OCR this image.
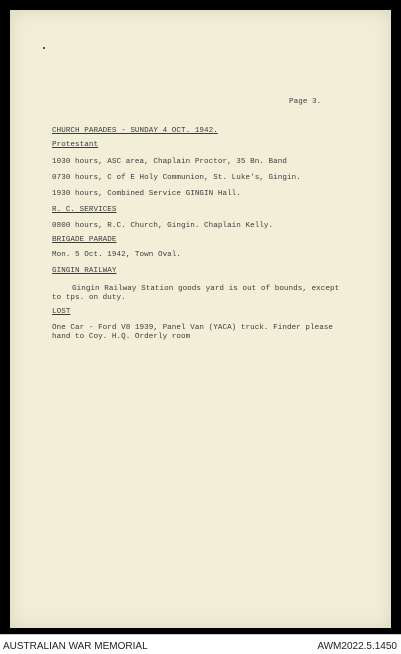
Page 3.
CHURCH PARADES - SUNDAY 4 OCT. 1942.
Protestant
1030 hours, ASC area, Chaplain Proctor, 35 Bn. Band
0730 hours, C of E Holy Communion, St. Luke's, Gingin.
1930 hours, Combined Service GINGIN Hall.
R. C. SERVICES
0800 hours, R.C. Church, Gingin. Chaplain Kelly.
BRIGADE PARADE
Mon. 5 Oct. 1942, Town Oval.
GINGIN RAILWAY
Gingin Railway Station goods yard is out of bounds, except
to tps. on duty.
LOST
One Car - Ford V8 1939, Panel Van (YACA) truck. Finder please
hand to Coy. H.Q. Orderly room
AUSTRALIAN WAR MEMORIAL	AWM2022.5.1450
